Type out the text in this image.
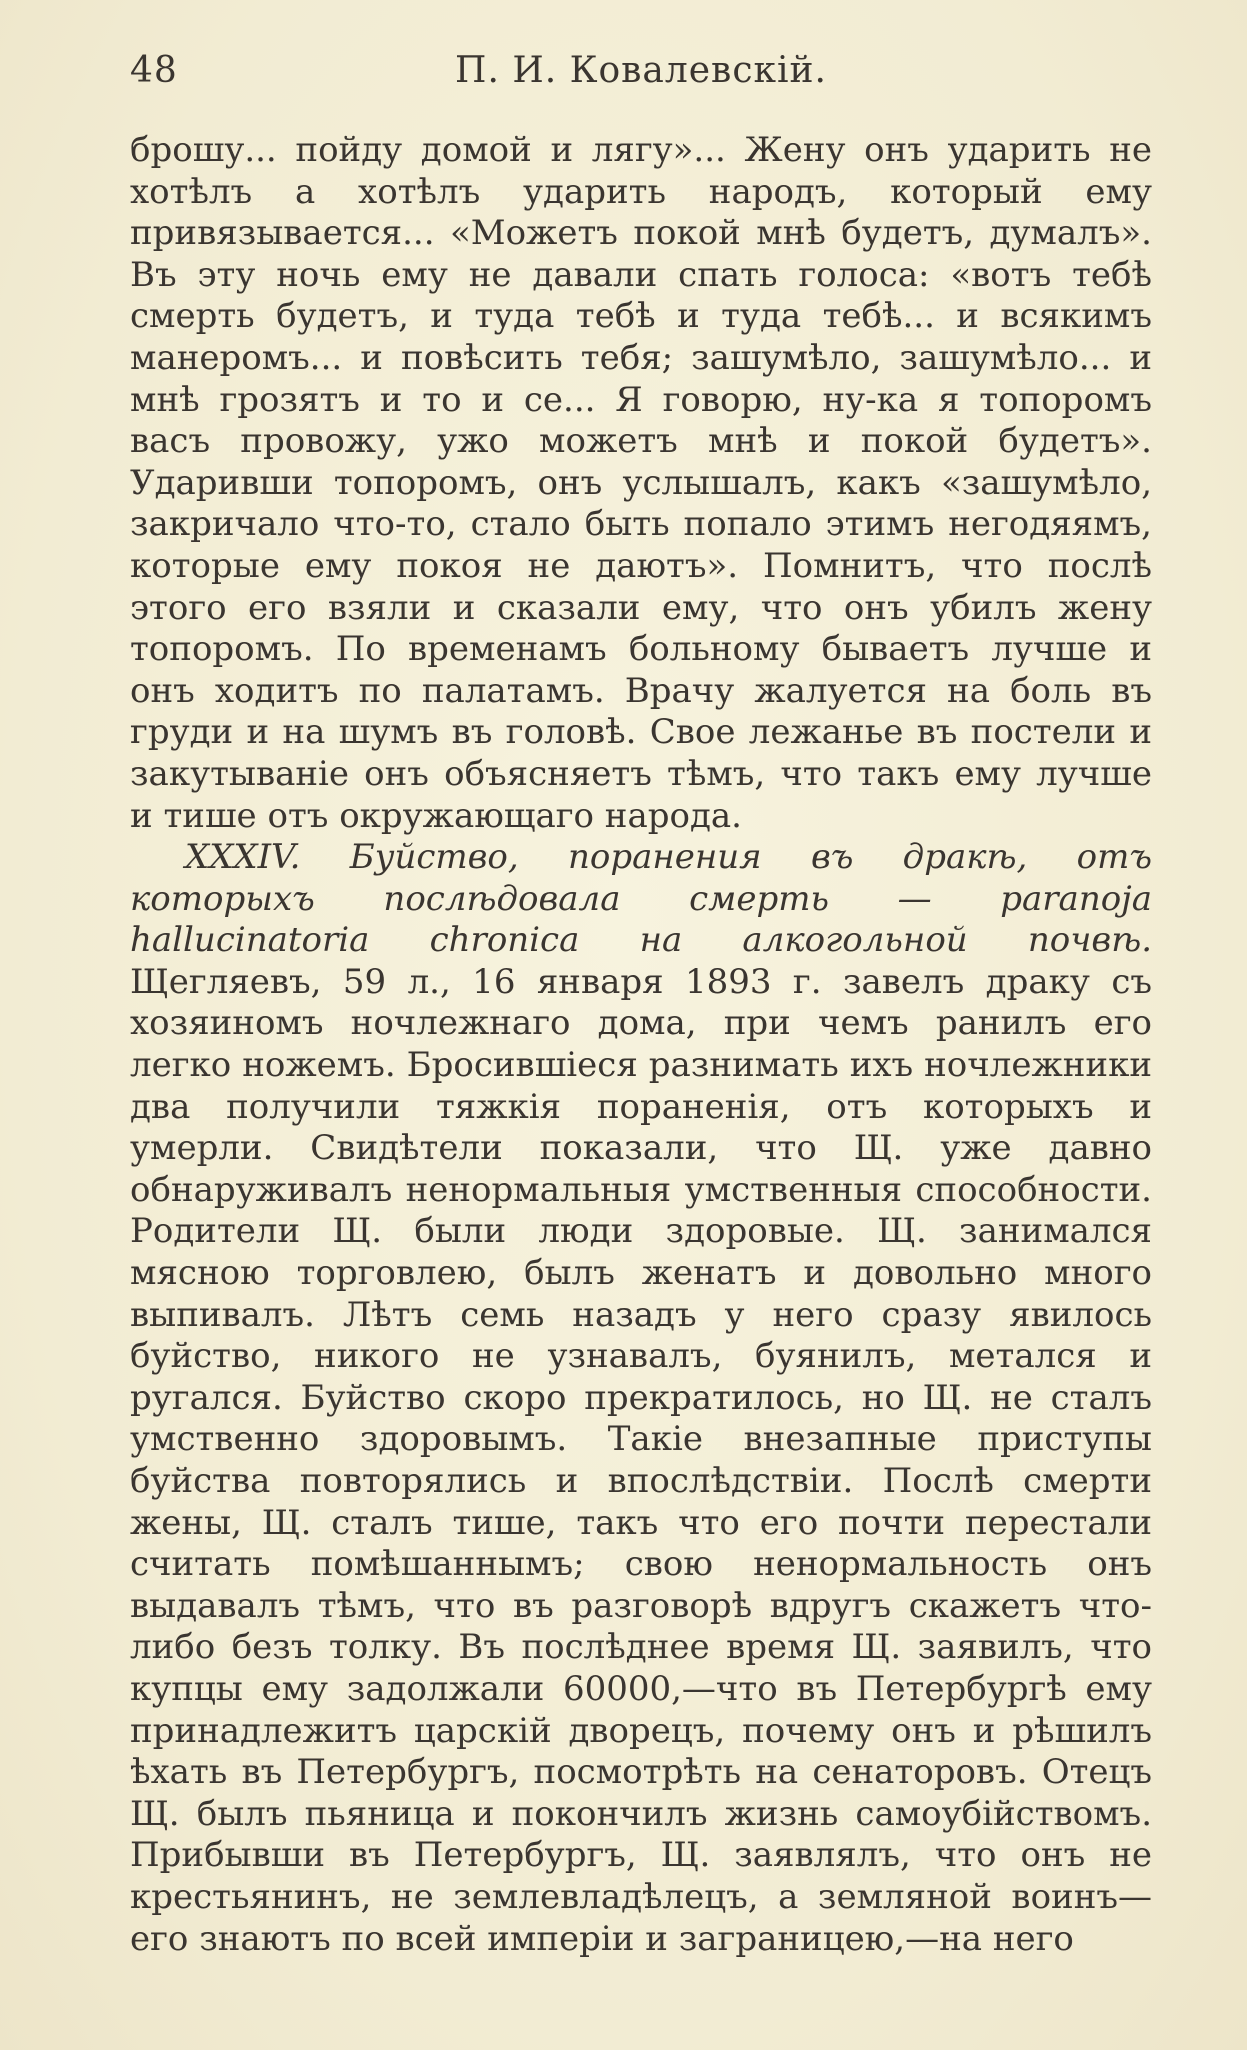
48	П. И. Ковалевскій.

брошу... пойду домой и лягу»... Жену онъ ударить не хотѣлъ а хотѣлъ ударить народъ, который ему привязывается... «Можетъ покой мнѣ будетъ, думалъ». Въ эту ночь ему не давали спать голоса: «вотъ тебѣ смерть будетъ, и туда тебѣ и туда тебѣ... и всякимъ манеромъ... и повѣсить тебя; зашумѣло, зашумѣло... и мнѣ грозятъ и то и се... Я говорю, ну-ка я топоромъ васъ провожу, ужо можетъ мнѣ и покой будетъ». Ударивши топоромъ, онъ услышалъ, какъ «зашумѣло, закричало что-то, стало быть попало этимъ негодяямъ, которые ему покоя не даютъ». Помнитъ, что послѣ этого его взяли и сказали ему, что онъ убилъ жену топоромъ. По временамъ больному бываетъ лучше и онъ ходитъ по палатамъ. Врачу жалуется на боль въ груди и на шумъ въ головѣ. Свое лежанье въ постели и закутываніе онъ объясняетъ тѣмъ, что такъ ему лучше и тише отъ окружающаго народа.

XXXIV. Буйство, поранения въ дракѣ, отъ которыхъ послѣдовала смерть — paranoja hallucinatoria chronica на алкогольной почвѣ. Щегляевъ, 59 л., 16 января 1893 г. завелъ драку съ хозяиномъ ночлежнаго дома, при чемъ ранилъ его легко ножемъ. Бросившіеся разнимать ихъ ночлежники два получили тяжкія пораненія, отъ которыхъ и умерли. Свидѣтели показали, что Щ. уже давно обнаруживалъ ненормальныя умственныя способности. Родители Щ. были люди здоровые. Щ. занимался мясною торговлею, былъ женатъ и довольно много выпивалъ. Лѣтъ семь назадъ у него сразу явилось буйство, никого не узнавалъ, буянилъ, метался и ругался. Буйство скоро прекратилось, но Щ. не сталъ умственно здоровымъ. Такіе внезапные приступы буйства повторялись и впослѣдствіи. Послѣ смерти жены, Щ. сталъ тише, такъ что его почти перестали считать помѣшаннымъ; свою ненормальность онъ выдавалъ тѣмъ, что въ разговорѣ вдругъ скажетъ что-либо безъ толку. Въ послѣднее время Щ. заявилъ, что купцы ему задолжали 60000,—что въ Петербургѣ ему принадлежитъ царскій дворецъ, почему онъ и рѣшилъ ѣхать въ Петербургъ, посмотрѣть на сенаторовъ. Отецъ Щ. былъ пьяница и покончилъ жизнь самоубійствомъ. Прибывши въ Петербургъ, Щ. заявлялъ, что онъ не крестьянинъ, не землевладѣлецъ, а земляной воинъ—его знаютъ по всей имперіи и заграницею,—на него
